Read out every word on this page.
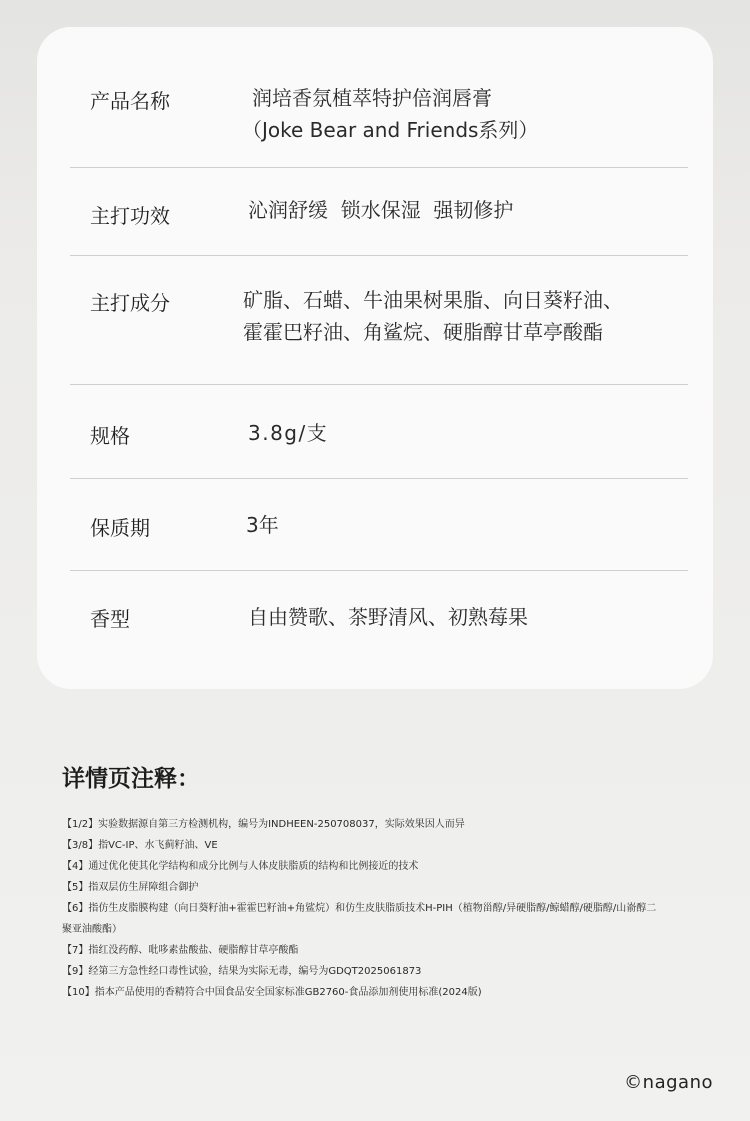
产品名称	润培香氛植萃特护倍润唇膏
（Joke Bear and Friends系列）
主打功效	沁润舒缓  锁水保湿  强韧修护
主打成分	矿脂、石蜡、牛油果树果脂、向日葵籽油、
霍霍巴籽油、角鲨烷、硬脂醇甘草亭酸酯
规格	3.8g/支
保质期	3年
香型	自由赞歌、茶野清风、初熟莓果
详情页注释：
【1/2】实验数据源自第三方检测机构，编号为INDHEEN-250708037，实际效果因人而异
【3/8】指VC-IP、水飞蓟籽油、VE
【4】通过优化使其化学结构和成分比例与人体皮肤脂质的结构和比例接近的技术
【5】指双层仿生屏障组合御护
【6】指仿生皮脂膜构建（向日葵籽油+霍霍巴籽油+角鲨烷）和仿生皮肤脂质技术H-PIH（植物甾醇/异硬脂醇/鲸蜡醇/硬脂醇/山嵛醇二
聚亚油酸酯）
【7】指红没药醇、吡哆素盐酸盐、硬脂醇甘草亭酸酯
【9】经第三方急性经口毒性试验，结果为实际无毒，编号为GDQT2025061873
【10】指本产品使用的香精符合中国食品安全国家标准GB2760-食品添加剂使用标准(2024版)
©nagano
